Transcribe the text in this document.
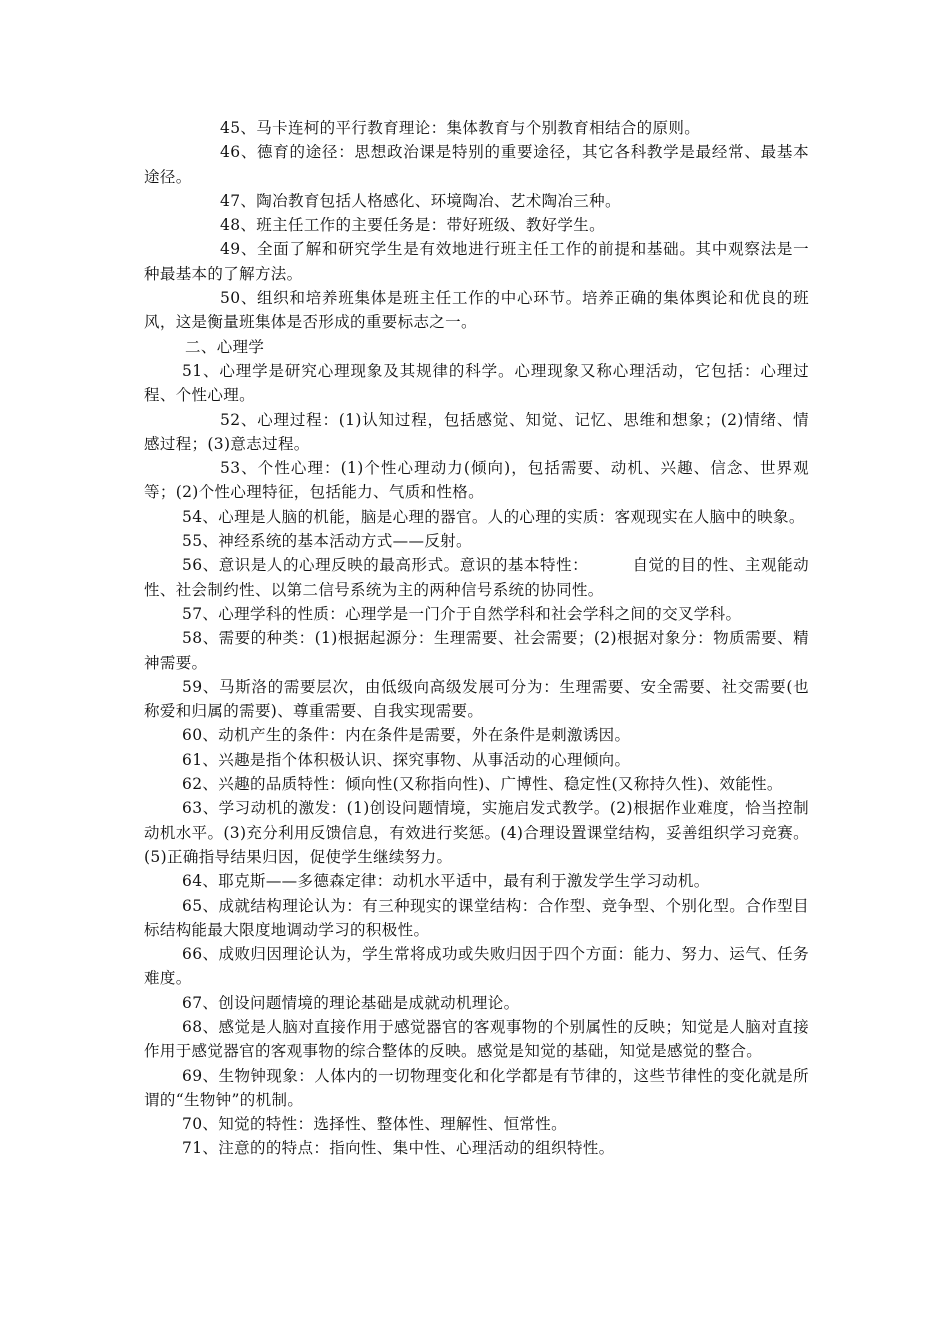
45、马卡连柯的平行教育理论：集体教育与个别教育相结合的原则。

46、德育的途径：思想政治课是特别的重要途径，其它各科教学是最经常、最基本途径。

47、陶冶教育包括人格感化、环境陶冶、艺术陶冶三种。

48、班主任工作的主要任务是：带好班级、教好学生。

49、全面了解和研究学生是有效地进行班主任工作的前提和基础。其中观察法是一种最基本的了解方法。

50、组织和培养班集体是班主任工作的中心环节。培养正确的集体舆论和优良的班风，这是衡量班集体是否形成的重要标志之一。

二、心理学

51、心理学是研究心理现象及其规律的科学。心理现象又称心理活动，它包括：心理过程、个性心理。

52、心理过程：(1)认知过程，包括感觉、知觉、记忆、思维和想象；(2)情绪、情感过程；(3)意志过程。

53、个性心理：(1)个性心理动力(倾向)，包括需要、动机、兴趣、信念、世界观等；(2)个性心理特征，包括能力、气质和性格。

54、心理是人脑的机能，脑是心理的器官。人的心理的实质：客观现实在人脑中的映象。

55、神经系统的基本活动方式——反射。

56、意识是人的心理反映的最高形式。意识的基本特性：	自觉的目的性、主观能动性、社会制约性、以第二信号系统为主的两种信号系统的协同性。

57、心理学科的性质：心理学是一门介于自然学科和社会学科之间的交叉学科。

58、需要的种类：(1)根据起源分：生理需要、社会需要；(2)根据对象分：物质需要、精神需要。

59、马斯洛的需要层次，由低级向高级发展可分为：生理需要、安全需要、社交需要(也称爱和归属的需要)、尊重需要、自我实现需要。

60、动机产生的条件：内在条件是需要，外在条件是刺激诱因。

61、兴趣是指个体积极认识、探究事物、从事活动的心理倾向。

62、兴趣的品质特性：倾向性(又称指向性)、广博性、稳定性(又称持久性)、效能性。

63、学习动机的激发：(1)创设问题情境，实施启发式教学。(2)根据作业难度，恰当控制动机水平。(3)充分利用反馈信息，有效进行奖惩。(4)合理设置课堂结构，妥善组织学习竞赛。(5)正确指导结果归因，促使学生继续努力。

64、耶克斯——多德森定律：动机水平适中，最有利于激发学生学习动机。

65、成就结构理论认为：有三种现实的课堂结构：合作型、竞争型、个别化型。合作型目标结构能最大限度地调动学习的积极性。

66、成败归因理论认为，学生常将成功或失败归因于四个方面：能力、努力、运气、任务难度。

67、创设问题情境的理论基础是成就动机理论。

68、感觉是人脑对直接作用于感觉器官的客观事物的个别属性的反映；知觉是人脑对直接作用于感觉器官的客观事物的综合整体的反映。感觉是知觉的基础，知觉是感觉的整合。

69、生物钟现象：人体内的一切物理变化和化学都是有节律的，这些节律性的变化就是所谓的“生物钟”的机制。

70、知觉的特性：选择性、整体性、理解性、恒常性。

71、注意的的特点：指向性、集中性、心理活动的组织特性。
